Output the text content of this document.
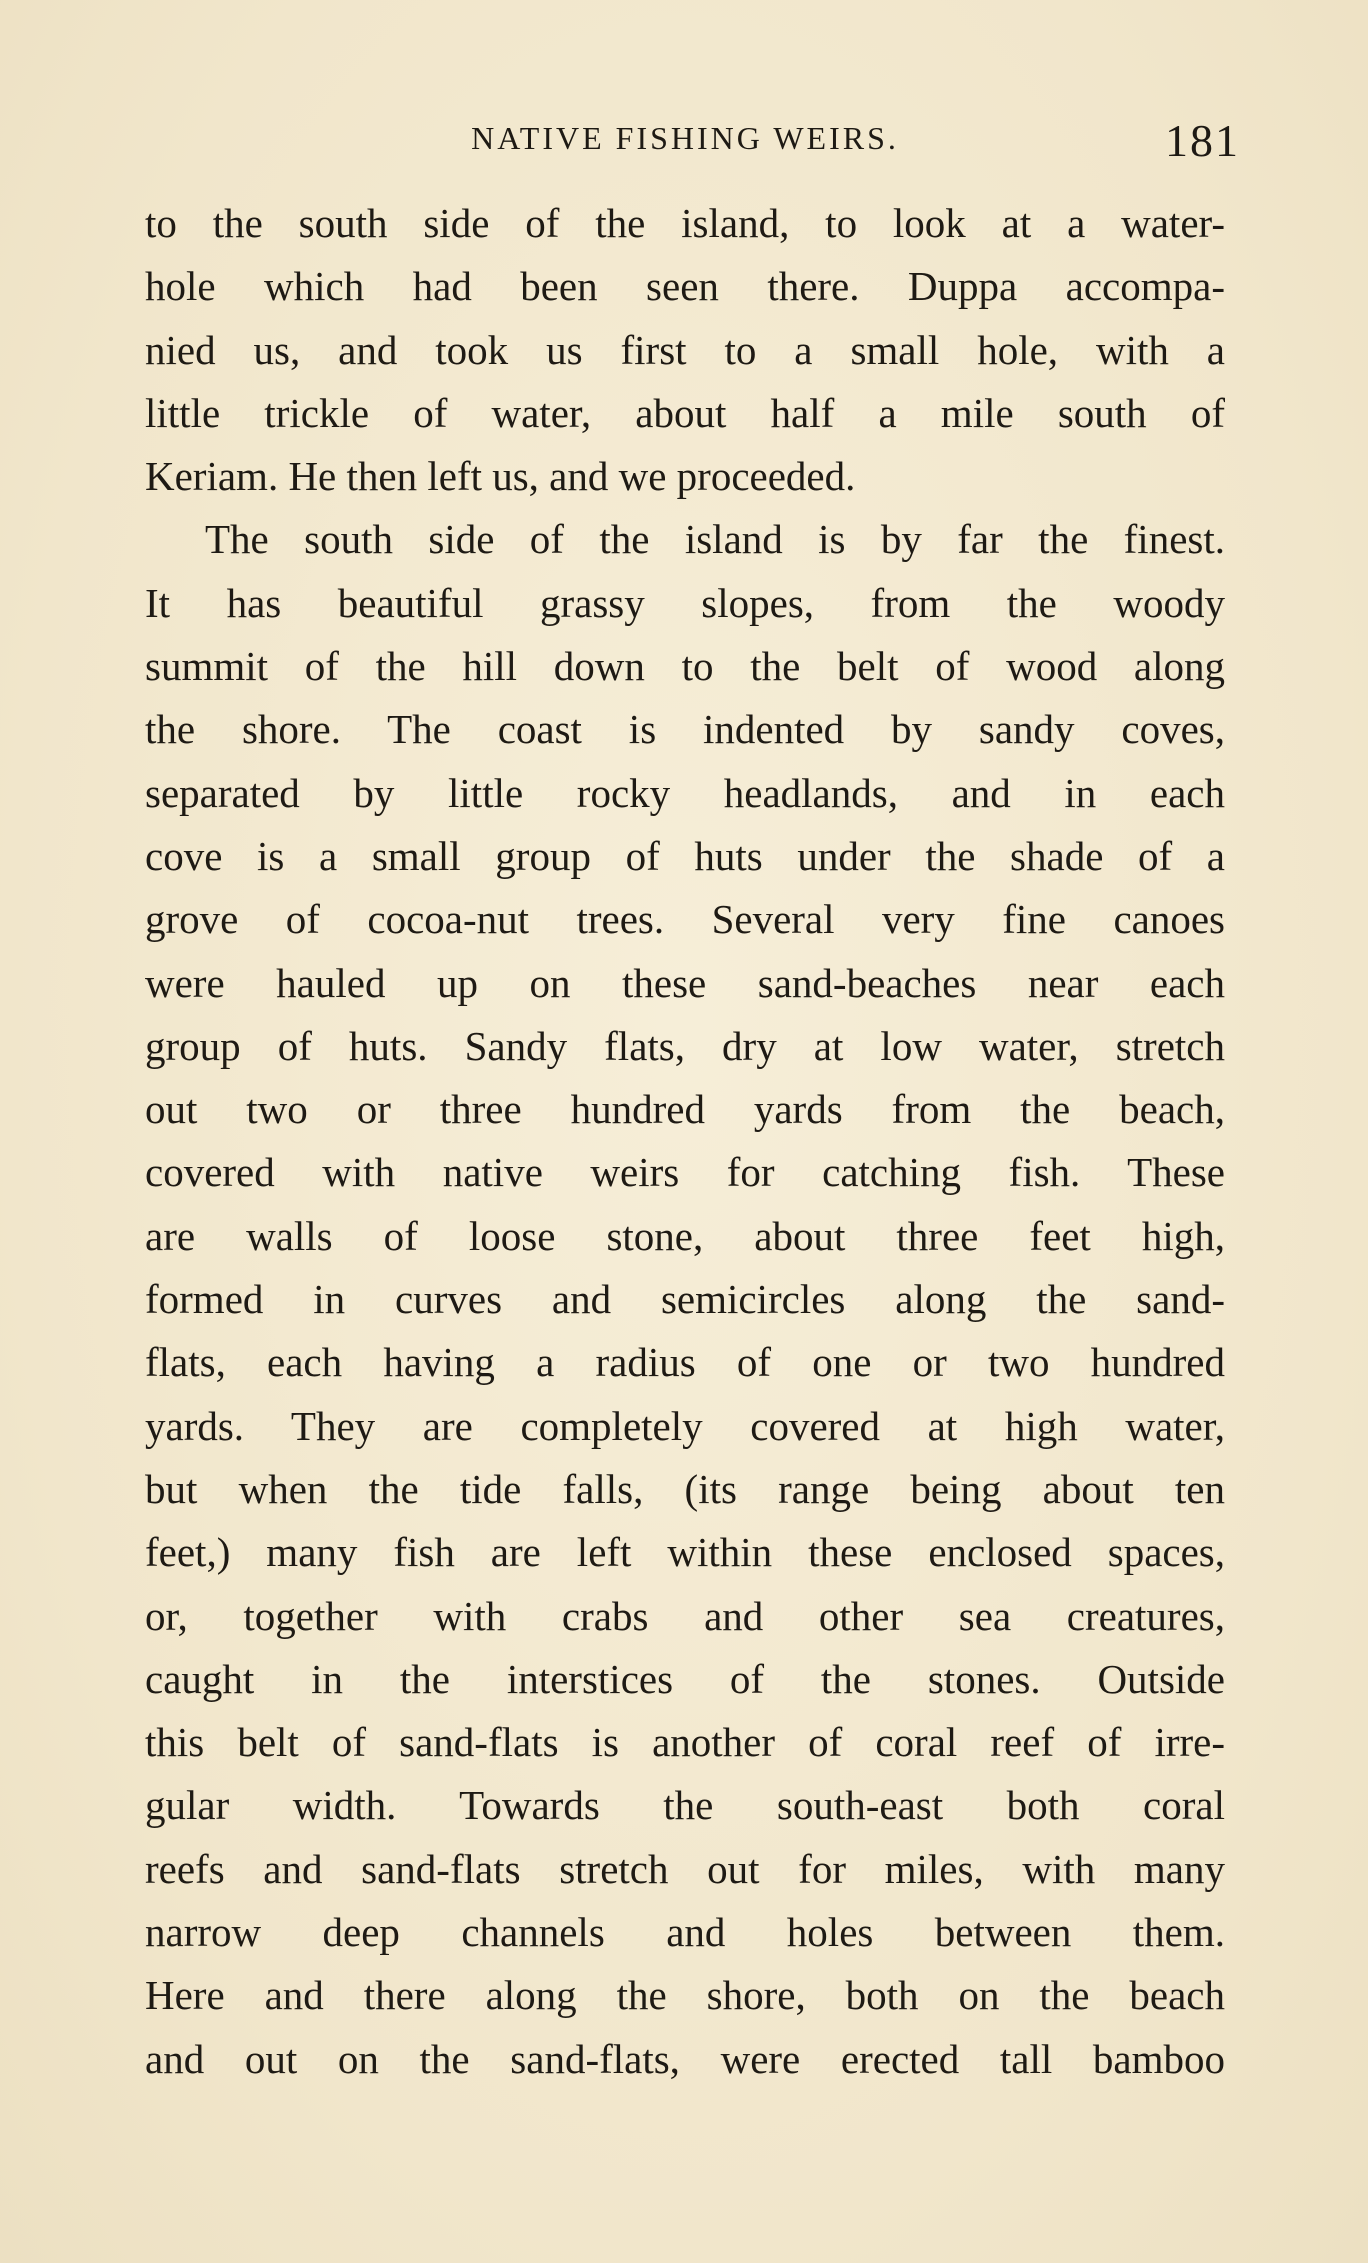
NATIVE FISHING WEIRS.	181
to the south side of the island, to look at a water-
hole which had been seen there. Duppa accompa-
nied us, and took us first to a small hole, with a
little trickle of water, about half a mile south of
Keriam. He then left us, and we proceeded.
The south side of the island is by far the finest.
It has beautiful grassy slopes, from the woody
summit of the hill down to the belt of wood along
the shore. The coast is indented by sandy coves,
separated by little rocky headlands, and in each
cove is a small group of huts under the shade of a
grove of cocoa-nut trees. Several very fine canoes
were hauled up on these sand-beaches near each
group of huts. Sandy flats, dry at low water, stretch
out two or three hundred yards from the beach,
covered with native weirs for catching fish. These
are walls of loose stone, about three feet high,
formed in curves and semicircles along the sand-
flats, each having a radius of one or two hundred
yards. They are completely covered at high water,
but when the tide falls, (its range being about ten
feet,) many fish are left within these enclosed spaces,
or, together with crabs and other sea creatures,
caught in the interstices of the stones. Outside
this belt of sand-flats is another of coral reef of irre-
gular width. Towards the south-east both coral
reefs and sand-flats stretch out for miles, with many
narrow deep channels and holes between them.
Here and there along the shore, both on the beach
and out on the sand-flats, were erected tall bamboo
